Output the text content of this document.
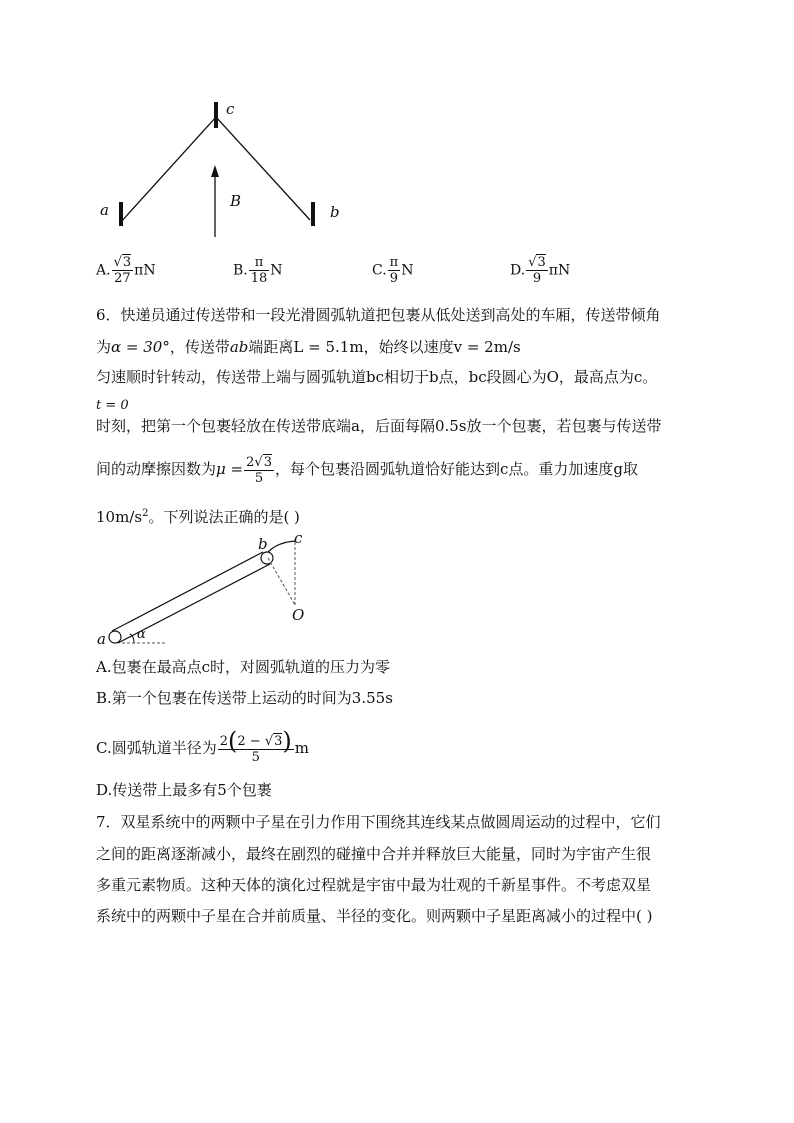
c
a	b
B
A. $\frac{√3}{27}$ πN	B. $\frac{\pi}{18}$ N	C. $\frac{\pi}{9}$ N	D. $\frac{√3}{9}$ πN
6．快递员通过传送带和一段光滑圆弧轨道把包裹从低处送到高处的车厢，传送带倾角
为α = 30°，传送带ab端距离L = 5.1m，始终以速度v = 2m/s
匀速顺时针转动，传送带上端与圆弧轨道bc相切于b点，bc段圆心为O，最高点为c。
t = 0
时刻，把第一个包裹轻放在传送带底端a，后面每隔0.5s放一个包裹，若包裹与传送带
间的动摩擦因数为$\mu = \frac{2√3}{5}$ ，每个包裹沿圆弧轨道恰好能达到c点。重力加速度g取
$10m/s^2$。下列说法正确的是( )
a α
b c
O
A.包裹在最高点c时，对圆弧轨道的压力为零
B.第一个包裹在传送带上运动的时间为3.55s
C.圆弧轨道半径为 $\frac{2(2 - √3)}{5}$ m
D.传送带上最多有5个包裹
7．双星系统中的两颗中子星在引力作用下围绕其连线某点做圆周运动的过程中，它们
之间的距离逐渐减小，最终在剧烈的碰撞中合并并释放巨大能量，同时为宇宙产生很
多重元素物质。这种天体的演化过程就是宇宙中最为壮观的千新星事件。不考虑双星
系统中的两颗中子星在合并前质量、半径的变化。则两颗中子星距离减小的过程中( )
